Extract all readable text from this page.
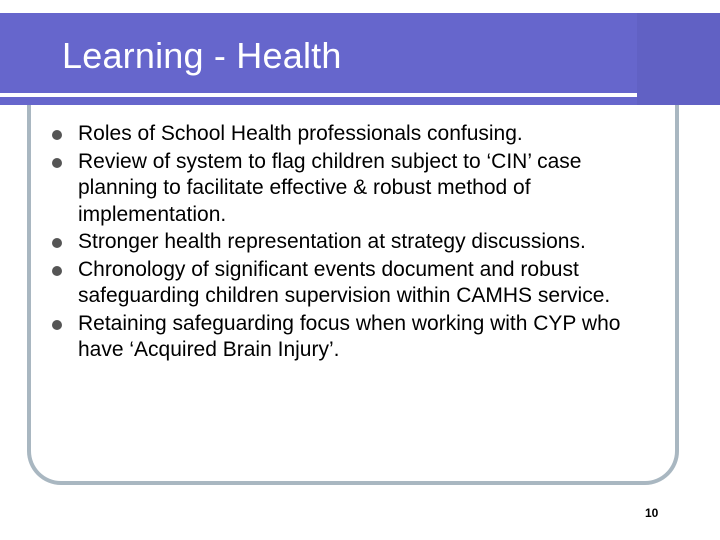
Learning - Health
Roles of School Health professionals confusing.
Review of system to flag children subject to ‘CIN’ case planning to facilitate effective & robust method of implementation.
Stronger health representation at strategy discussions.
Chronology of significant events document and robust safeguarding children supervision within CAMHS service.
Retaining safeguarding focus when working with CYP who have ‘Acquired Brain Injury’.
10
